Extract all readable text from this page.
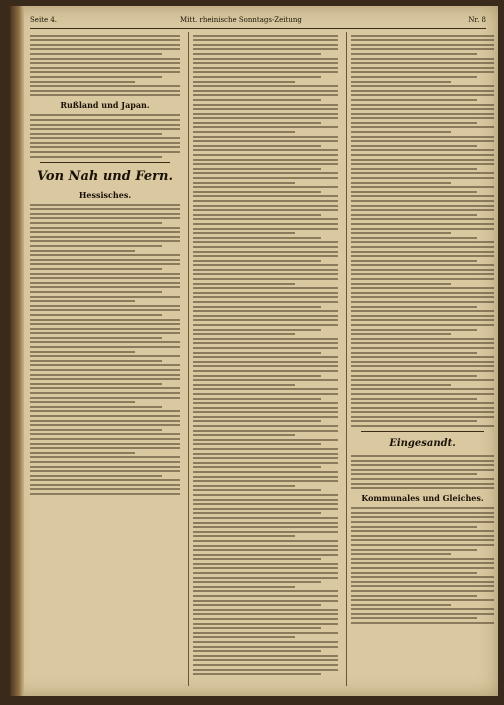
Seite 4.	Mitt. rheinische Sonntags-Zeitung	Nr. 8
Rußland und Japan.
Von Nah und Fern.
Hessisches.
Eingesandt.
Kommunales und Gleiches.
